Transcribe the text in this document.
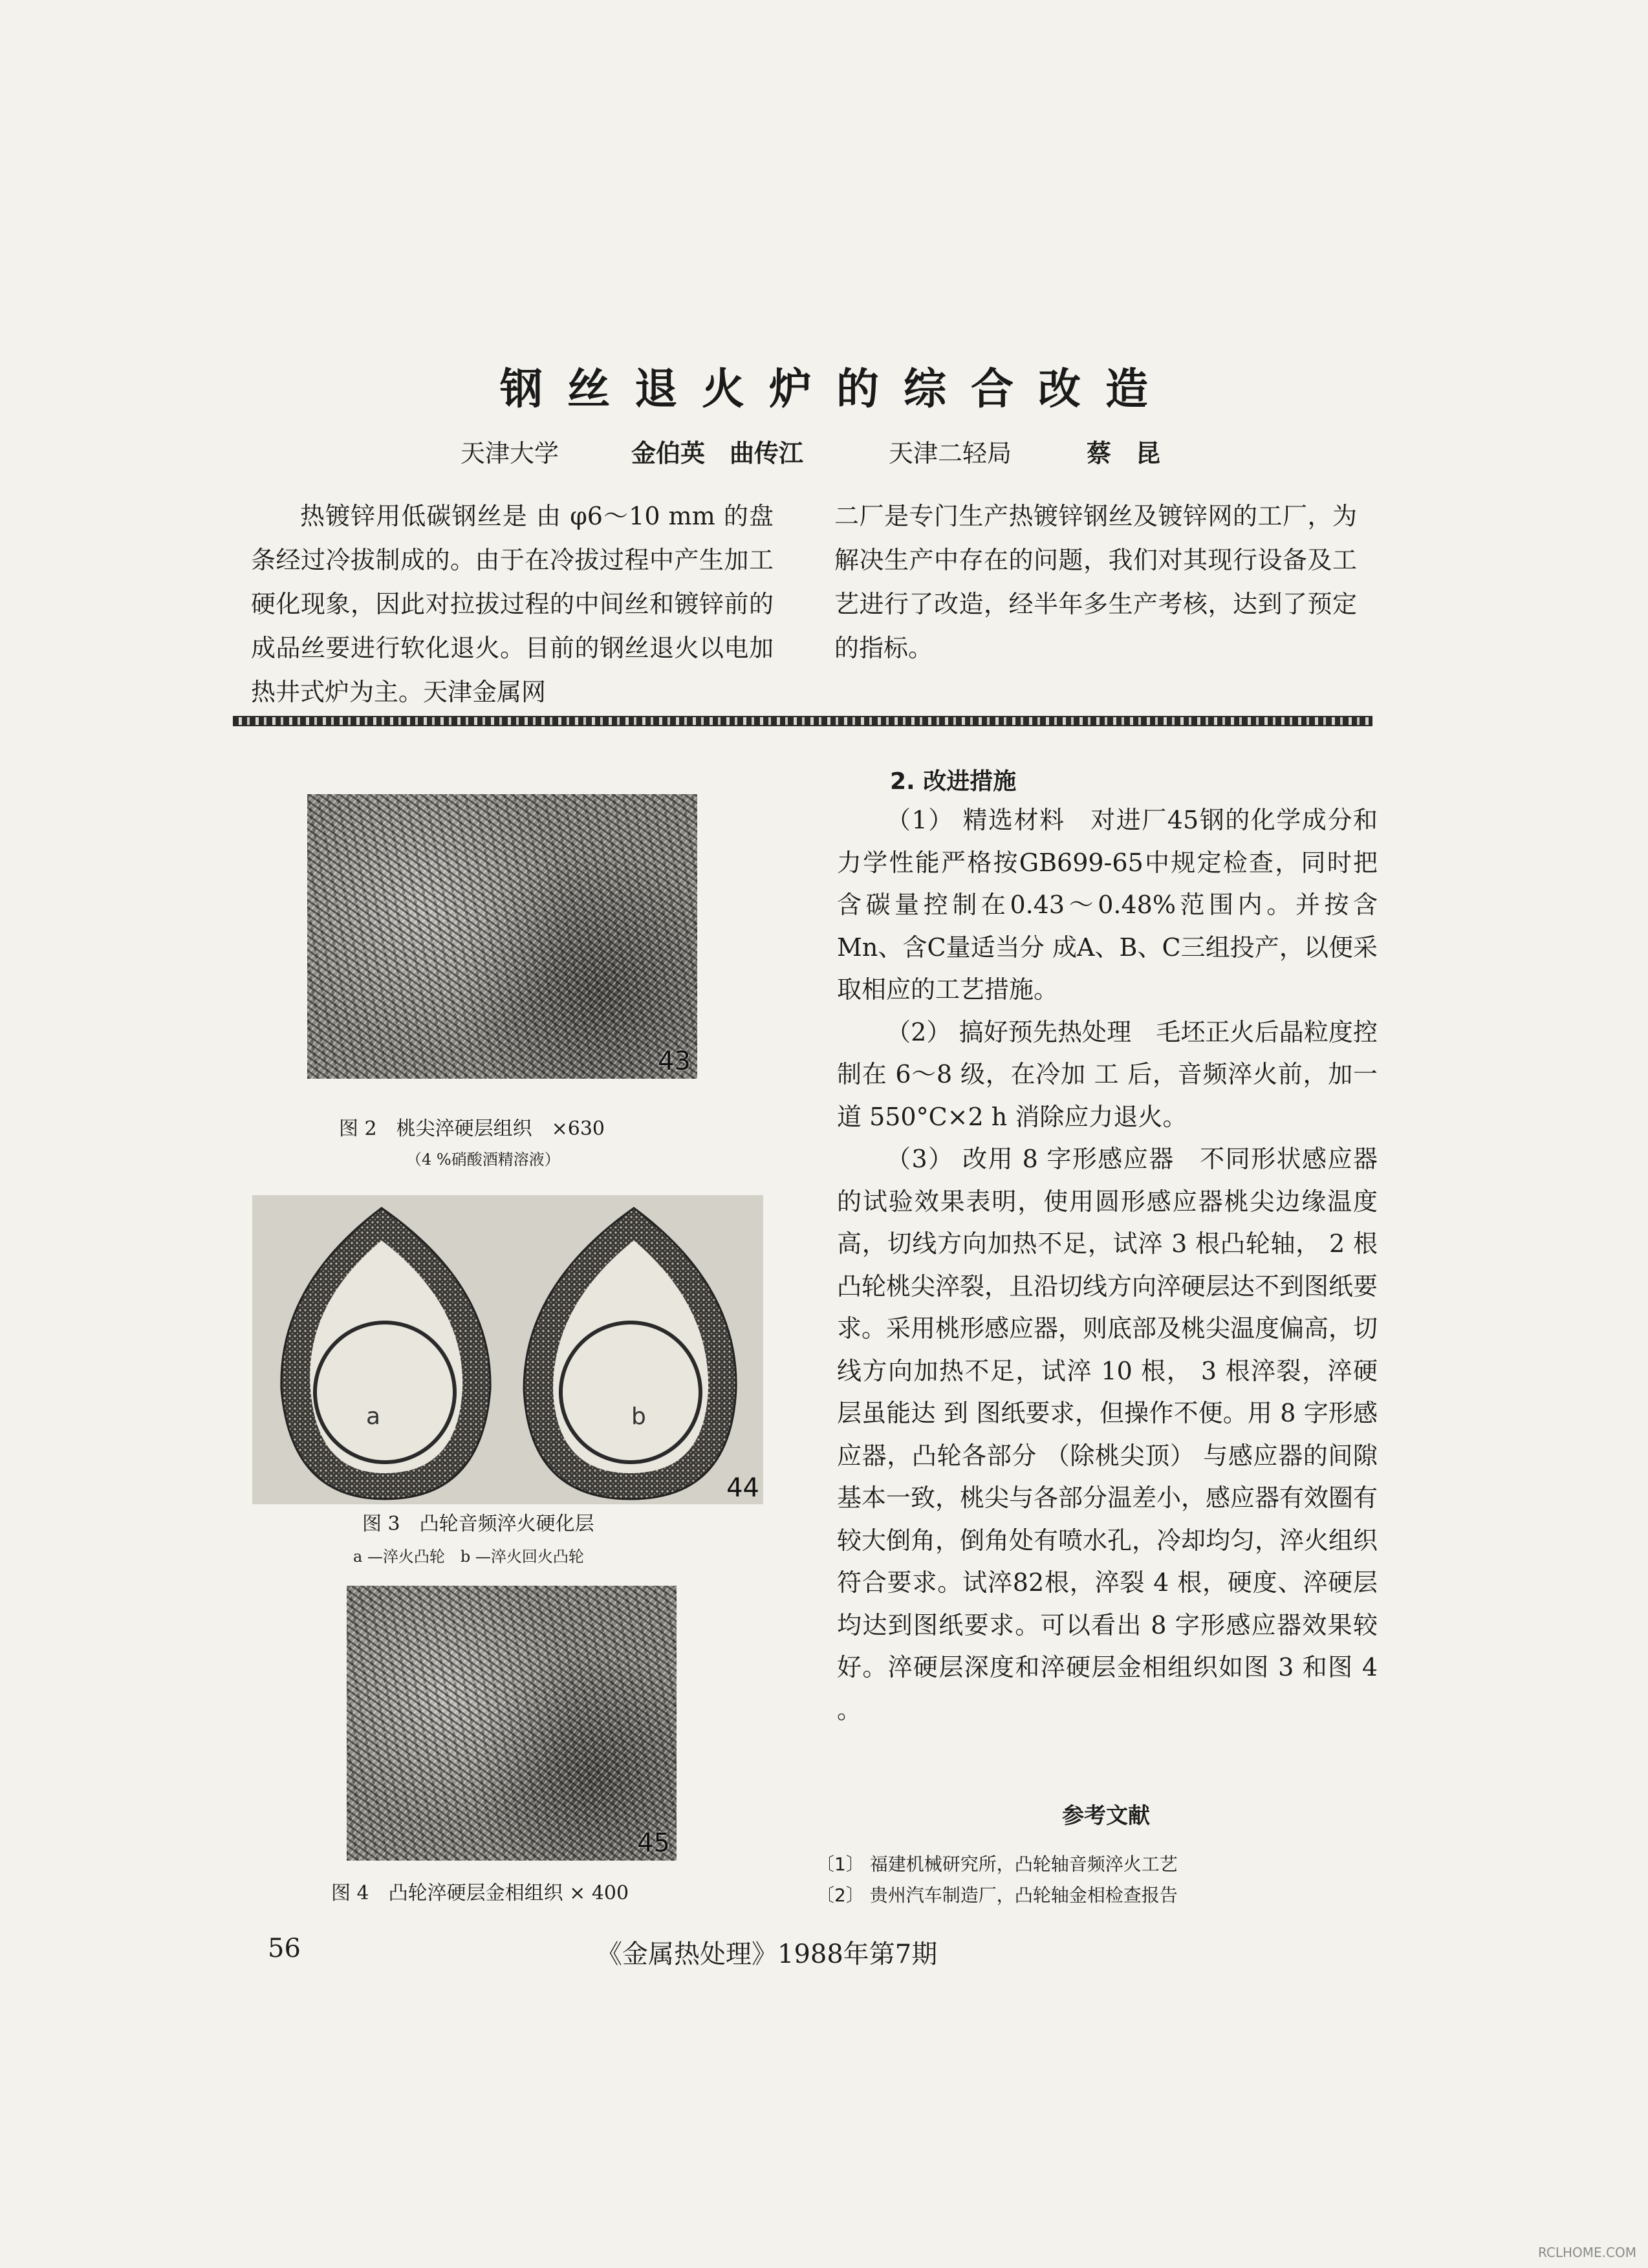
钢丝退火炉的综合改造
天津大学	金伯英　曲传江	天津二轻局	蔡　昆

热镀锌用低碳钢丝是 由 φ6～10 mm 的盘条经过冷拔制成的。由于在冷拔过程中产生加工硬化现象，因此对拉拔过程的中间丝和镀锌前的成品丝要进行软化退火。目前的钢丝退火以电加热井式炉为主。天津金属网

二厂是专门生产热镀锌钢丝及镀锌网的工厂，为解决生产中存在的问题，我们对其现行设备及工艺进行了改造，经半年多生产考核，达到了预定的指标。

43
图 2　桃尖淬硬层组织　×630
（4 %硝酸酒精溶液）
a	b
44
图 3　凸轮音频淬火硬化层
a —淬火凸轮　b —淬火回火凸轮
45
图 4　凸轮淬硬层金相组织 × 400
2. 改进措施

（1） 精选材料　对进厂45钢的化学成分和力学性能严格按GB699-65中规定检查，同时把含碳量控制在0.43～0.48%范围内。并按含 Mn、含C量适当分 成A、B、C三组投产，以便采取相应的工艺措施。

（2） 搞好预先热处理　毛坯正火后晶粒度控制在 6～8 级，在冷加 工 后，音频淬火前，加一道 550°C×2 h 消除应力退火。

（3） 改用 8 字形感应器　不同形状感应器的试验效果表明，使用圆形感应器桃尖边缘温度高，切线方向加热不足，试淬 3 根凸轮轴， 2 根凸轮桃尖淬裂，且沿切线方向淬硬层达不到图纸要求。采用桃形感应器，则底部及桃尖温度偏高，切线方向加热不足，试淬 10 根， 3 根淬裂，淬硬层虽能达 到 图纸要求，但操作不便。用 8 字形感应器，凸轮各部分 （除桃尖顶） 与感应器的间隙基本一致，桃尖与各部分温差小，感应器有效圈有较大倒角，倒角处有喷水孔，冷却均匀，淬火组织符合要求。试淬82根，淬裂 4 根，硬度、淬硬层均达到图纸要求。可以看出 8 字形感应器效果较好。淬硬层深度和淬硬层金相组织如图 3 和图 4 。

参考文献
〔1〕 福建机械研究所，凸轮轴音频淬火工艺
〔2〕 贵州汽车制造厂，凸轮轴金相检查报告
56	《金属热处理》1988年第7期
RCLHOME.COM
